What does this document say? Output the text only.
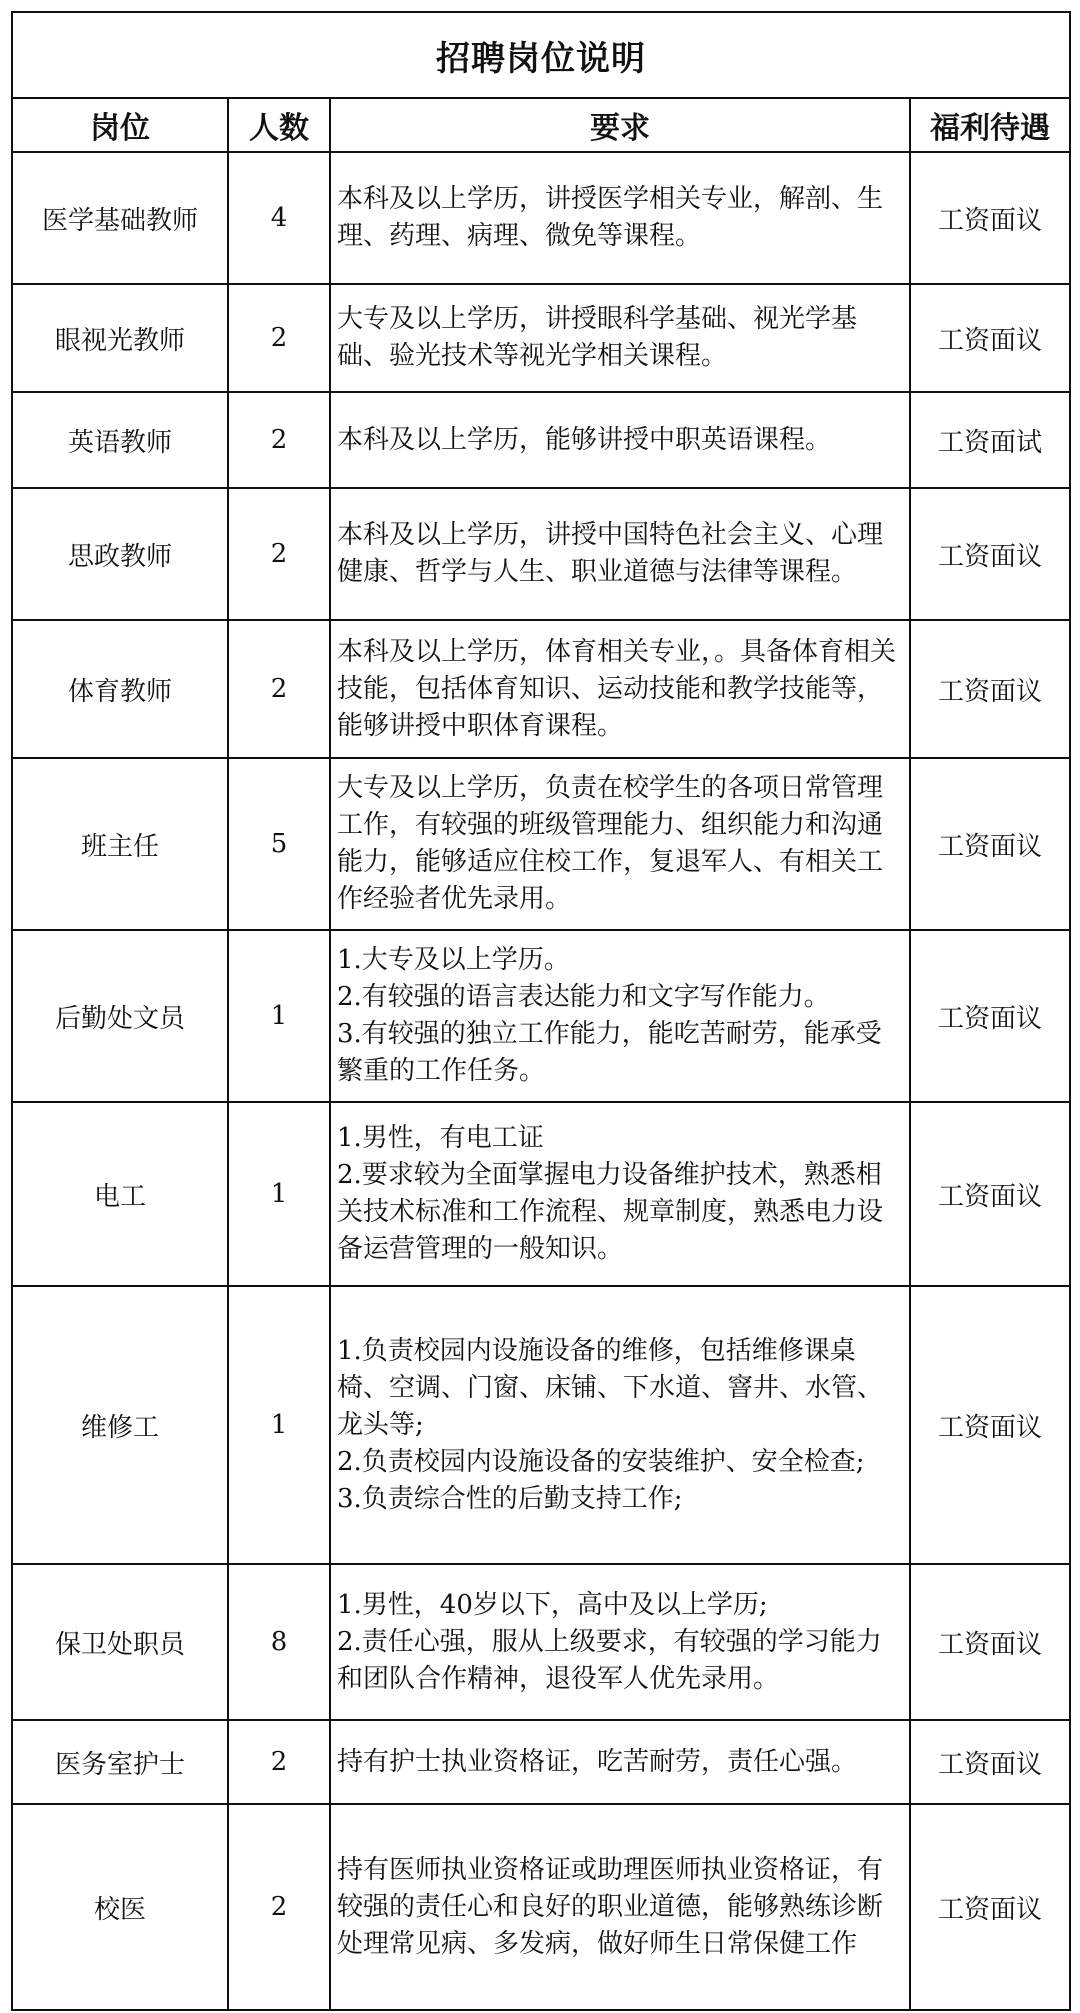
招聘岗位说明			
岗位	人数	要求	福利待遇
医学基础教师	4	本科及以上学历，讲授医学相关专业，解剖、生理、药理、病理、微免等课程。	工资面议
眼视光教师	2	大专及以上学历，讲授眼科学基础、视光学基础、验光技术等视光学相关课程。	工资面议
英语教师	2	本科及以上学历，能够讲授中职英语课程。	工资面试
思政教师	2	本科及以上学历，讲授中国特色社会主义、心理健康、哲学与人生、职业道德与法律等课程。	工资面议
体育教师	2	本科及以上学历，体育相关专业，。具备体育相关技能，包括体育知识、运动技能和教学技能等，能够讲授中职体育课程。	工资面议
班主任	5	大专及以上学历，负责在校学生的各项日常管理工作，有较强的班级管理能力、组织能力和沟通能力，能够适应住校工作，复退军人、有相关工作经验者优先录用。	工资面议
后勤处文员	1	1.大专及以上学历。
2.有较强的语言表达能力和文字写作能力。
3.有较强的独立工作能力，能吃苦耐劳，能承受繁重的工作任务。	工资面议
电工	1	1.男性，有电工证
2.要求较为全面掌握电力设备维护技术，熟悉相关技术标准和工作流程、规章制度，熟悉电力设备运营管理的一般知识。	工资面议
维修工	1	1.负责校园内设施设备的维修，包括维修课桌椅、空调、门窗、床铺、下水道、窨井、水管、龙头等;
2.负责校园内设施设备的安装维护、安全检查;
3.负责综合性的后勤支持工作;	工资面议
保卫处职员	8	1.男性，40岁以下，高中及以上学历;
2.责任心强，服从上级要求，有较强的学习能力和团队合作精神，退役军人优先录用。	工资面议
医务室护士	2	持有护士执业资格证，吃苦耐劳，责任心强。	工资面议
校医	2	持有医师执业资格证或助理医师执业资格证，有较强的责任心和良好的职业道德，能够熟练诊断处理常见病、多发病，做好师生日常保健工作	工资面议
